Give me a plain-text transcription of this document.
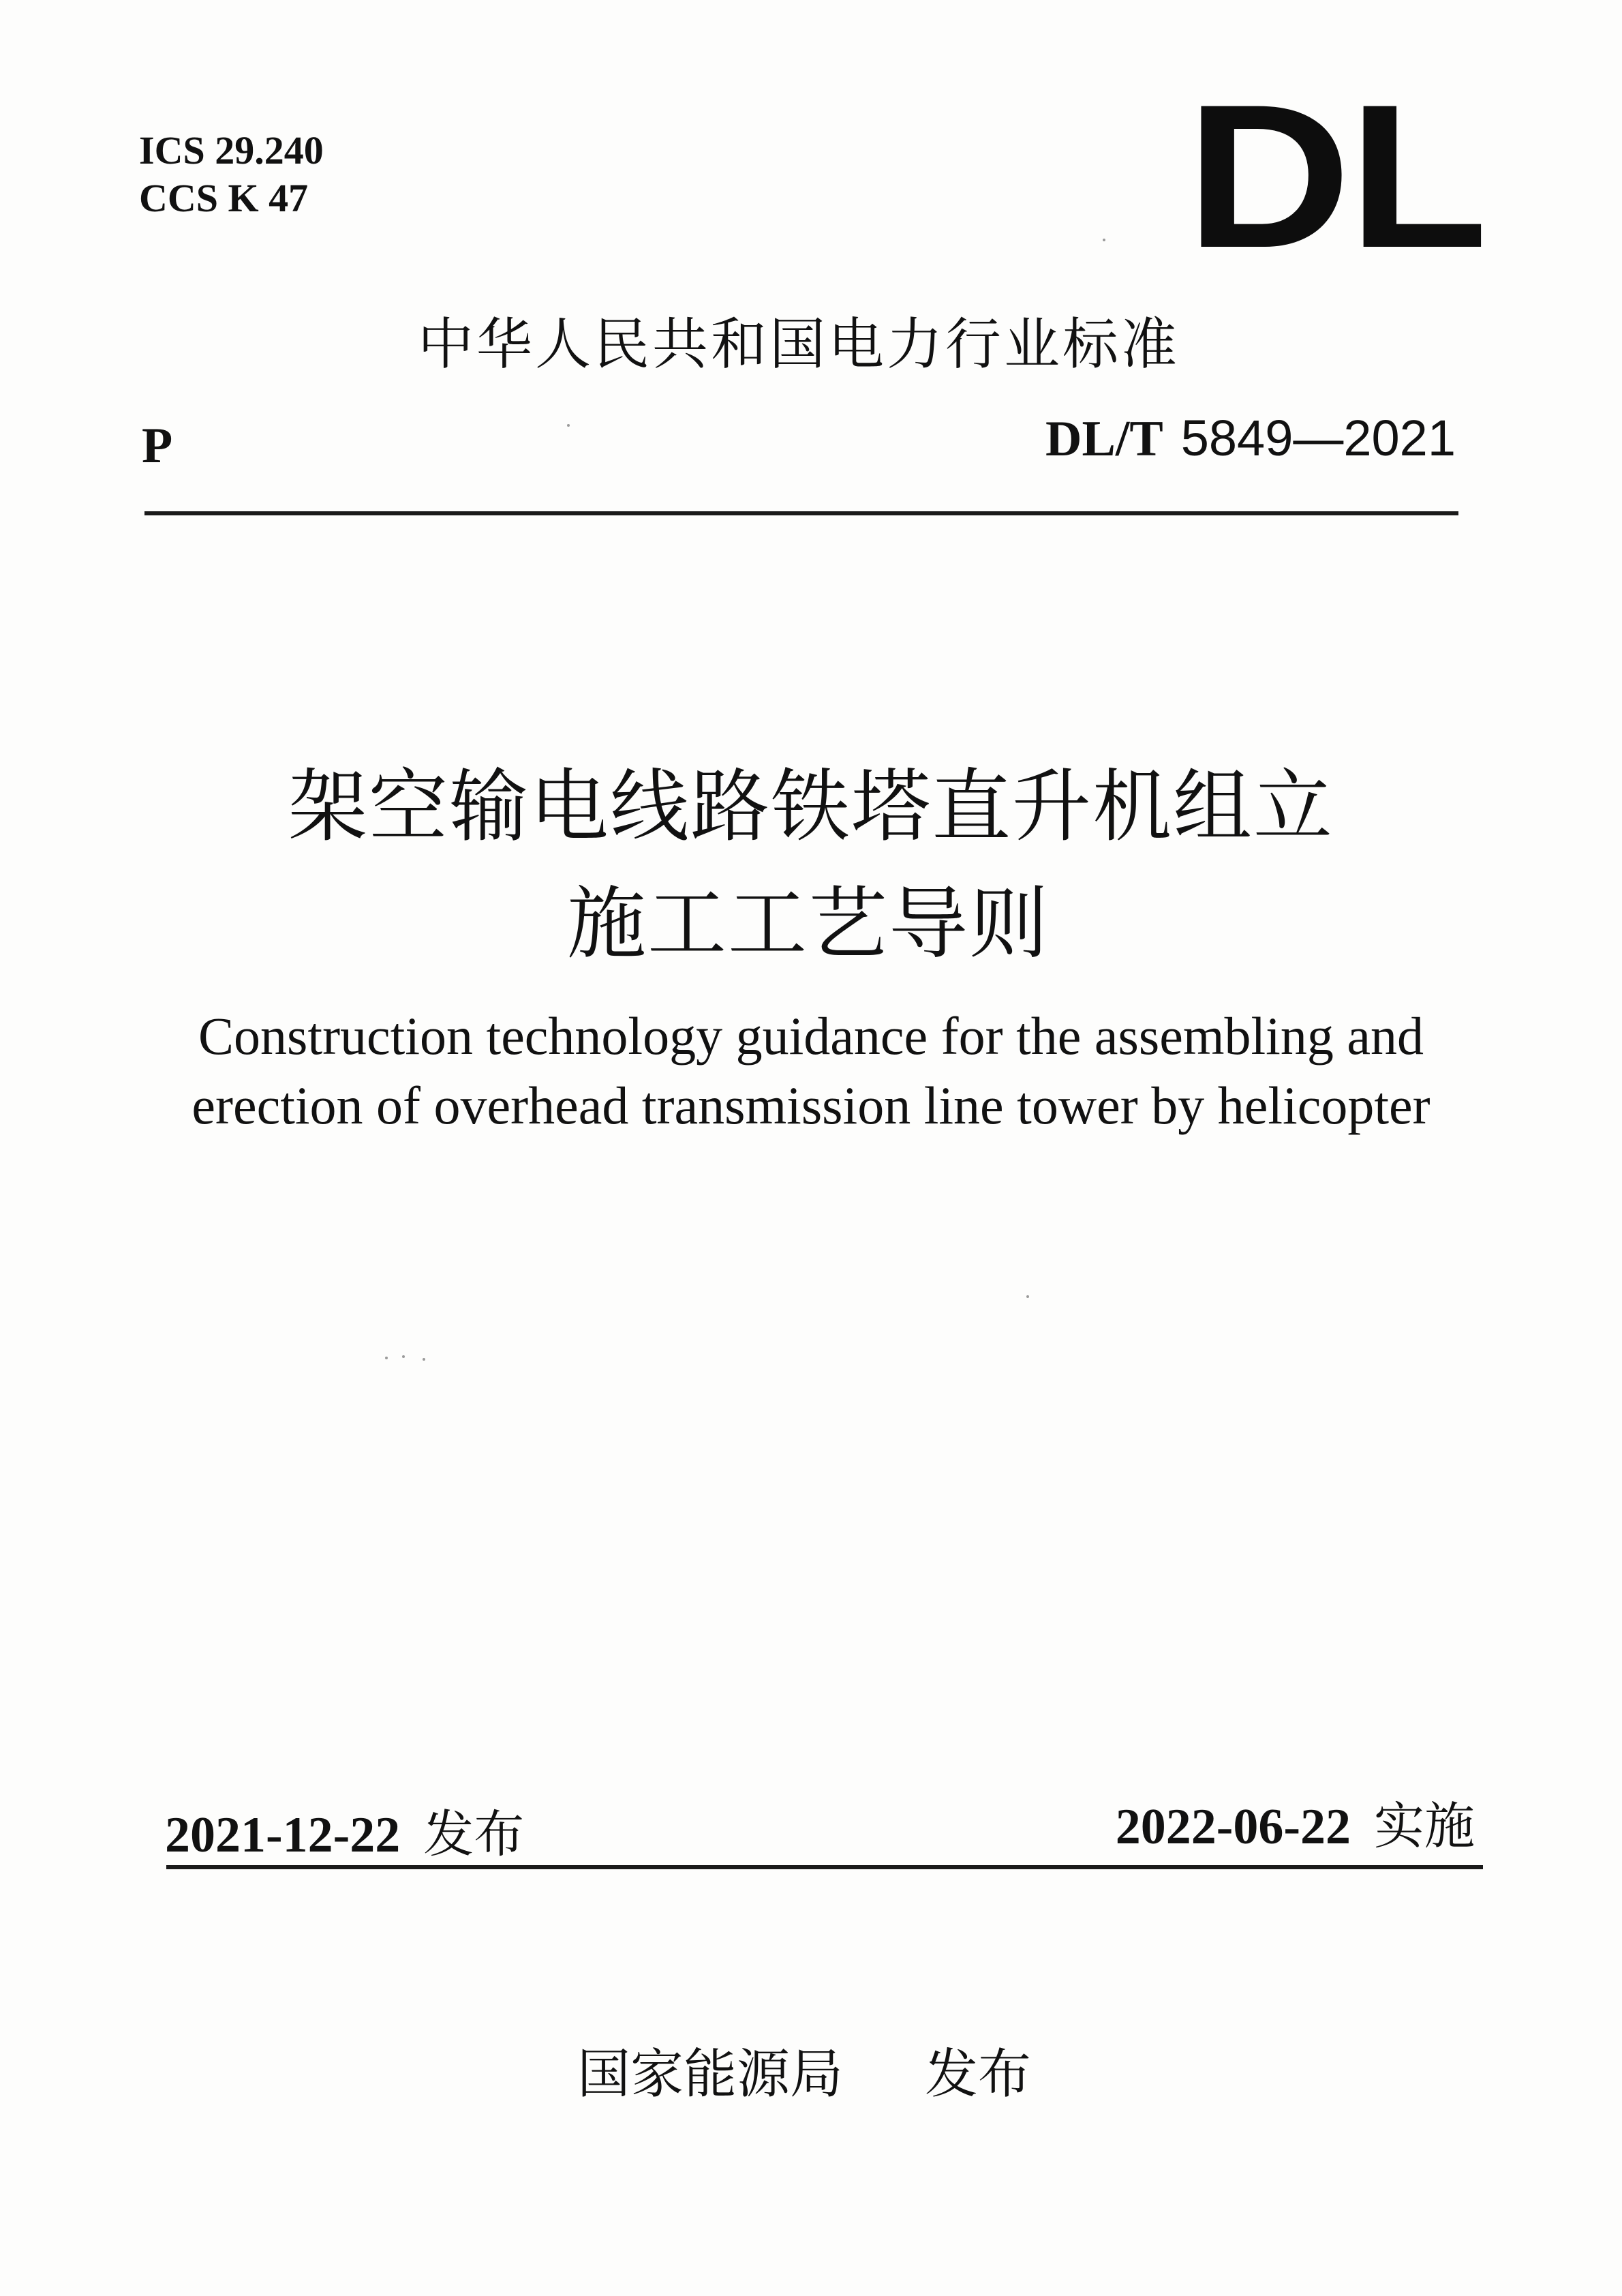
ICS 29.240
CCS K 47	DL
中华人民共和国电力行业标准
P	DL/T 5849—2021
架空输电线路铁塔直升机组立
施工工艺导则
Construction technology guidance for the assembling and
erection of overhead transmission line tower by helicopter
2021-12-22 发布	2022-06-22 实施
国家能源局 发布
